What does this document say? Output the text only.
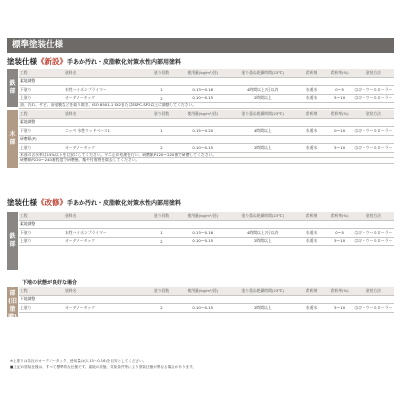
標準塗装仕様
塗装仕様《新設》手あか汚れ・皮脂軟化対策水性内部用塗料
鉄
部
工程	塗料名	塗り回数	使用量(kg/m²/回)	塗り重ね乾燥時間(23℃)	希釈剤	希釈率(%)	塗装方法
素地調整							
下塗り	水性ハイポンプライマー	1	0.13〜0.16	4時間以上7日以内	水道水	0〜5	はけ・ウールローラー
上塗り	オーデノータック	2	0.10〜0.15	2時間以上	水道水	5〜10	はけ・ウールローラー
油、汚れ、サビ、旧塗膜などを取り除き、ISO 8501-1 St2またはSSPC-SP2以上に調整してください。							
木
部
工程	塗料名	塗り回数	使用量(kg/m²/回)	塗り重ね乾燥時間(23℃)	希釈剤	希釈率(%)	塗装方法
素地調整							
下塗り	ニッペ 水性ウッドベース1	1	0.15〜0.20	4時間以上	水道水	0〜10	はけ・ウールローラー
研磨紙(P)							
上塗り	オーデノータック	2	0.10〜0.15	2時間以上	水道水	5〜10	はけ・ウールローラー
木部の含水率は15%以下を目安にしてください。ヤニ止め処理を行い、研磨紙P120〜220番で研磨してください。							
研磨紙P220〜240番程度で研磨後、塵や付着物を除去してください。							
塗装仕様《改修》手あか汚れ・皮脂軟化対策水性内部用塗料
鉄
部
工程	塗料名	塗り回数	使用量(kg/m²/回)	塗り重ね乾燥時間(23℃)	希釈剤	希釈率(%)	塗装方法
素地調整							
下塗り	水性ハイポンプライマー	1	0.13〜0.16	4時間以上7日以内	水道水	0〜5	はけ・ウールローラー
上塗り	オーデノータック	2	0.10〜0.15	2時間以上	水道水	5〜10	はけ・ウールローラー
下地の状態が良好な場合
木部
(旧塗膜)
工程	塗料名	塗り回数	使用量(kg/m²/回)	塗り重ね乾燥時間(23℃)	希釈剤	希釈率(%)	塗装方法
下地調整							
上塗り	オーデノータック	2	0.10〜0.15	2時間以上	水道水	5〜10	はけ・ウールローラー
※上塗りは各社のオーデノータック、使用量は(1.13〜0.16)を目安としてください。
■上記の塗装仕様は、すべて標準的な仕様です。素地の状態、気象条件等により塗装仕様が異なる場合があります。
